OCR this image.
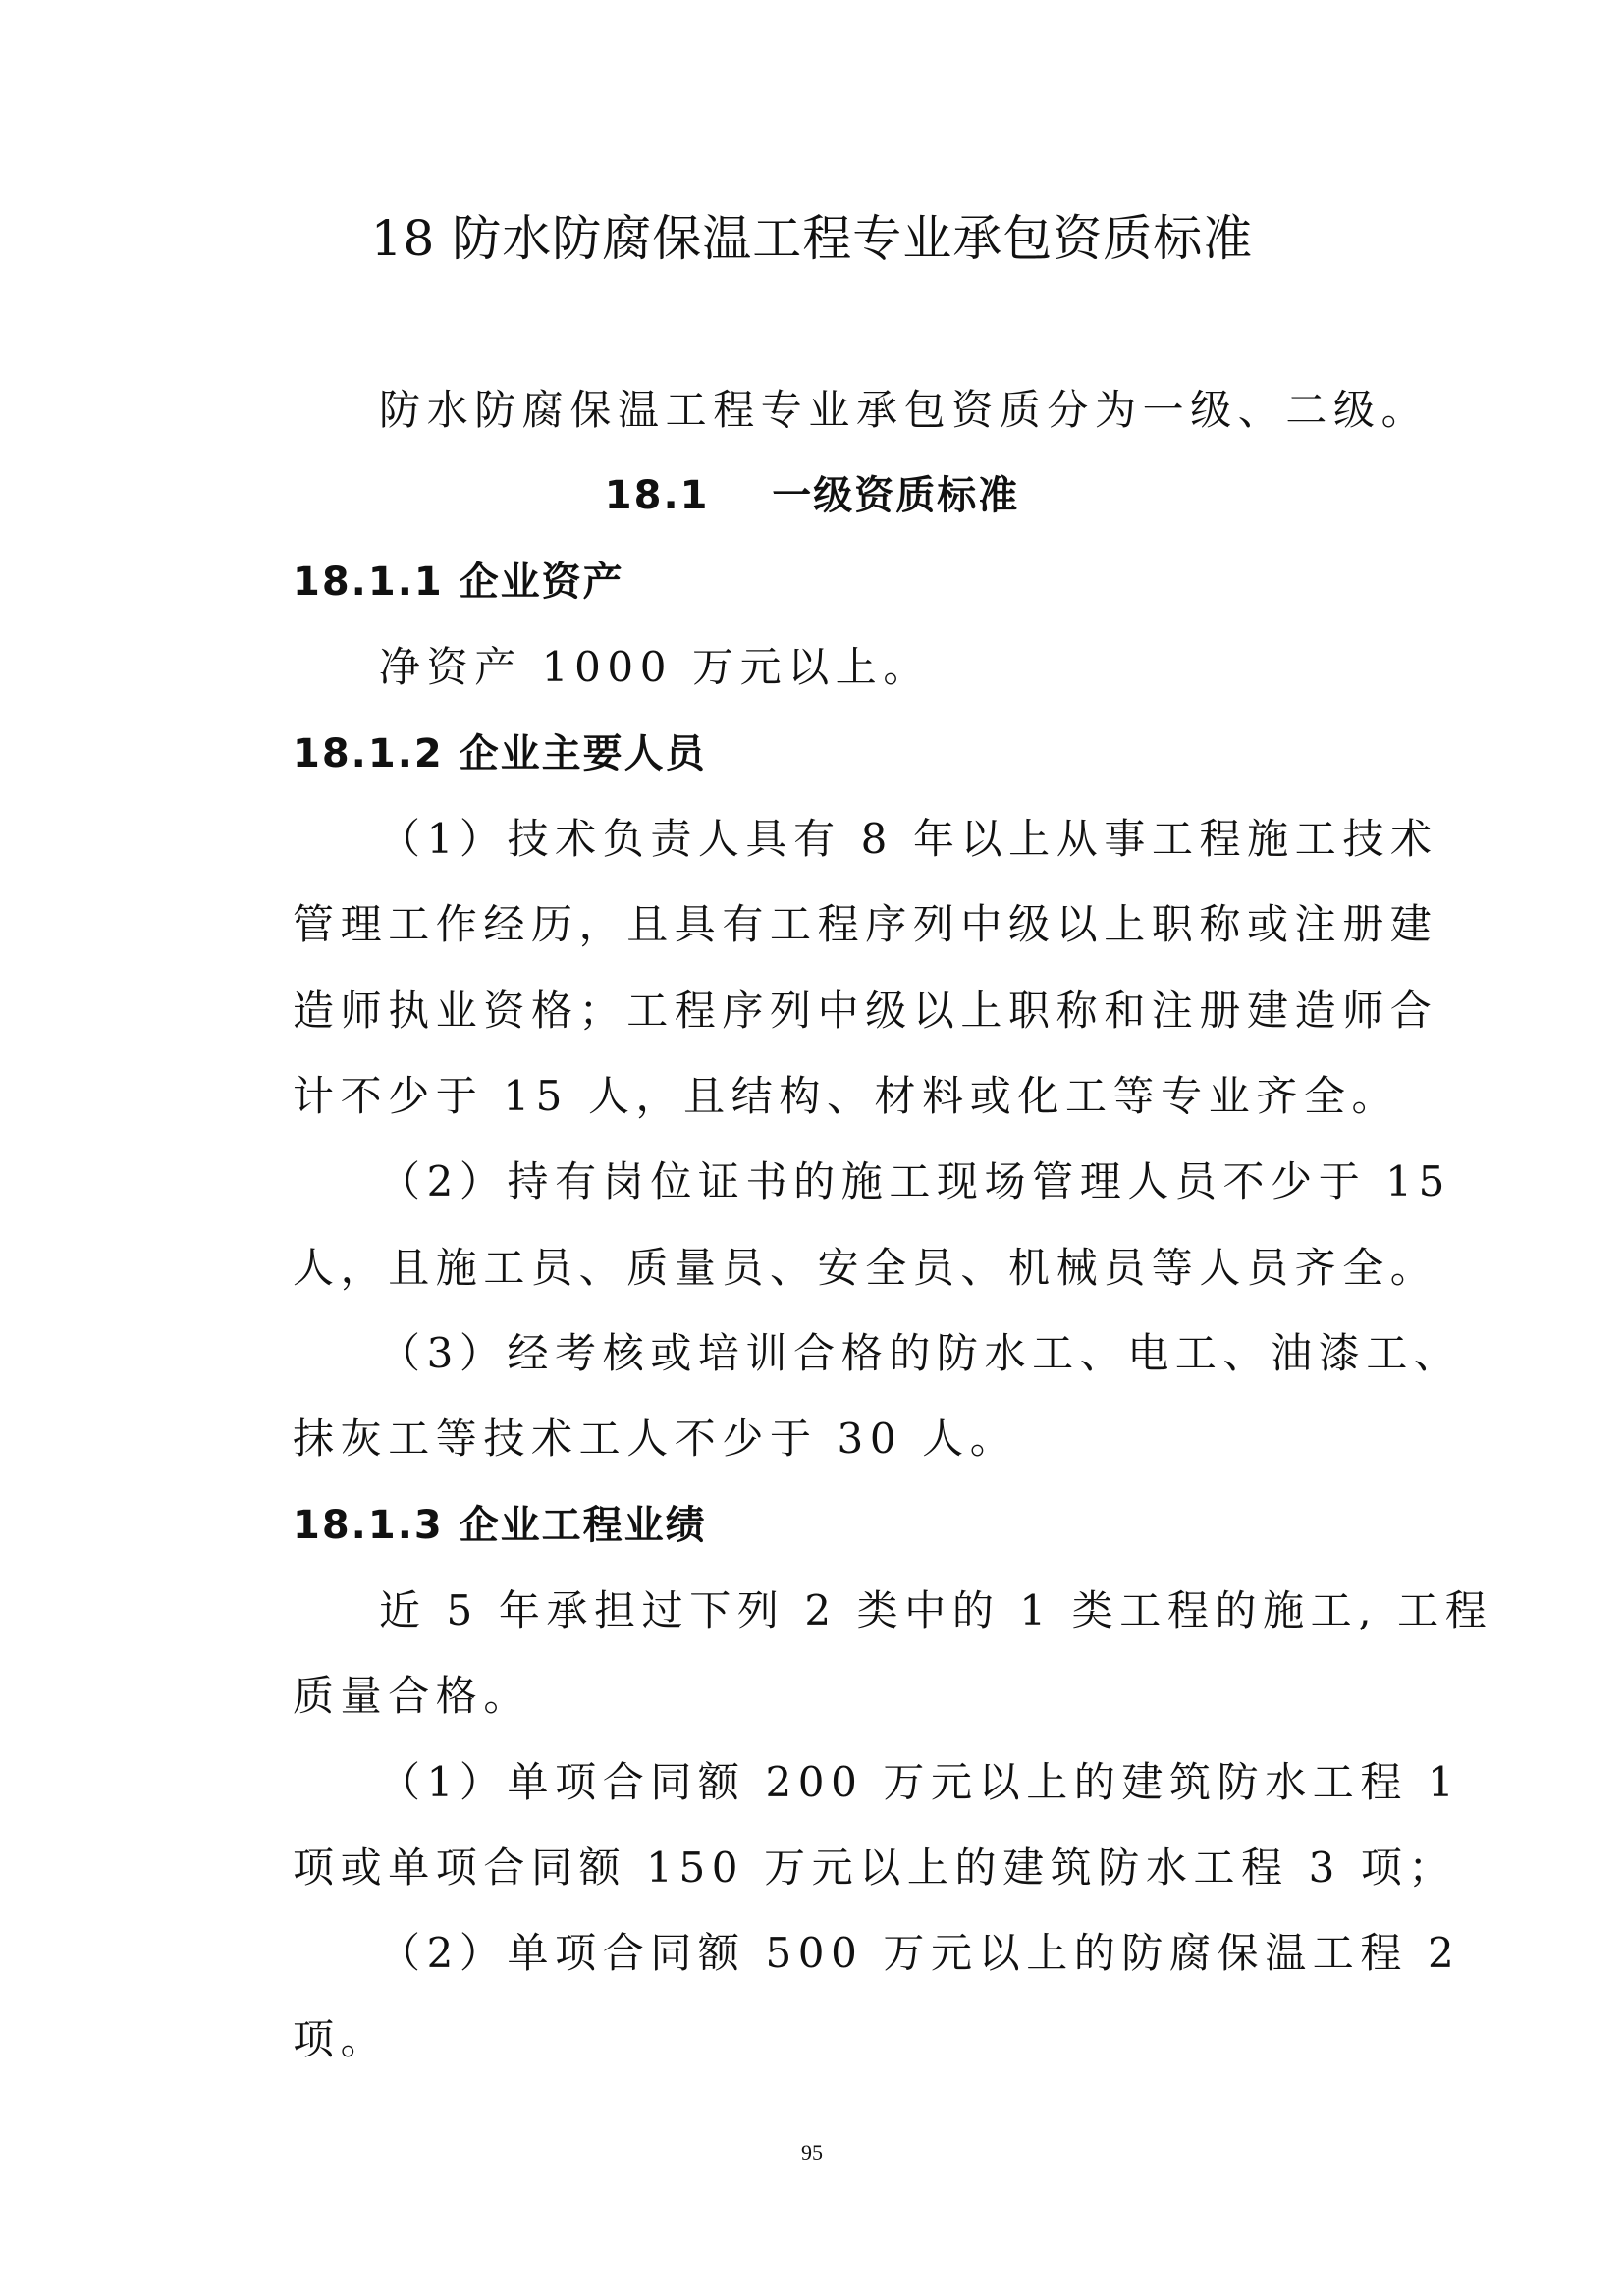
18 防水防腐保温工程专业承包资质标准
防水防腐保温工程专业承包资质分为一级、二级。
18.1    一级资质标准
18.1.1 企业资产
净资产 1000 万元以上。
18.1.2 企业主要人员
（1）技术负责人具有 8 年以上从事工程施工技术
管理工作经历，且具有工程序列中级以上职称或注册建
造师执业资格；工程序列中级以上职称和注册建造师合
计不少于 15 人，且结构、材料或化工等专业齐全。
（2）持有岗位证书的施工现场管理人员不少于 15
人，且施工员、质量员、安全员、机械员等人员齐全。
（3）经考核或培训合格的防水工、电工、油漆工、
抹灰工等技术工人不少于 30 人。
18.1.3 企业工程业绩
近 5 年承担过下列 2 类中的 1 类工程的施工, 工程
质量合格。
（1）单项合同额 200 万元以上的建筑防水工程 1
项或单项合同额 150 万元以上的建筑防水工程 3 项；
（2）单项合同额 500 万元以上的防腐保温工程 2
项。
95
